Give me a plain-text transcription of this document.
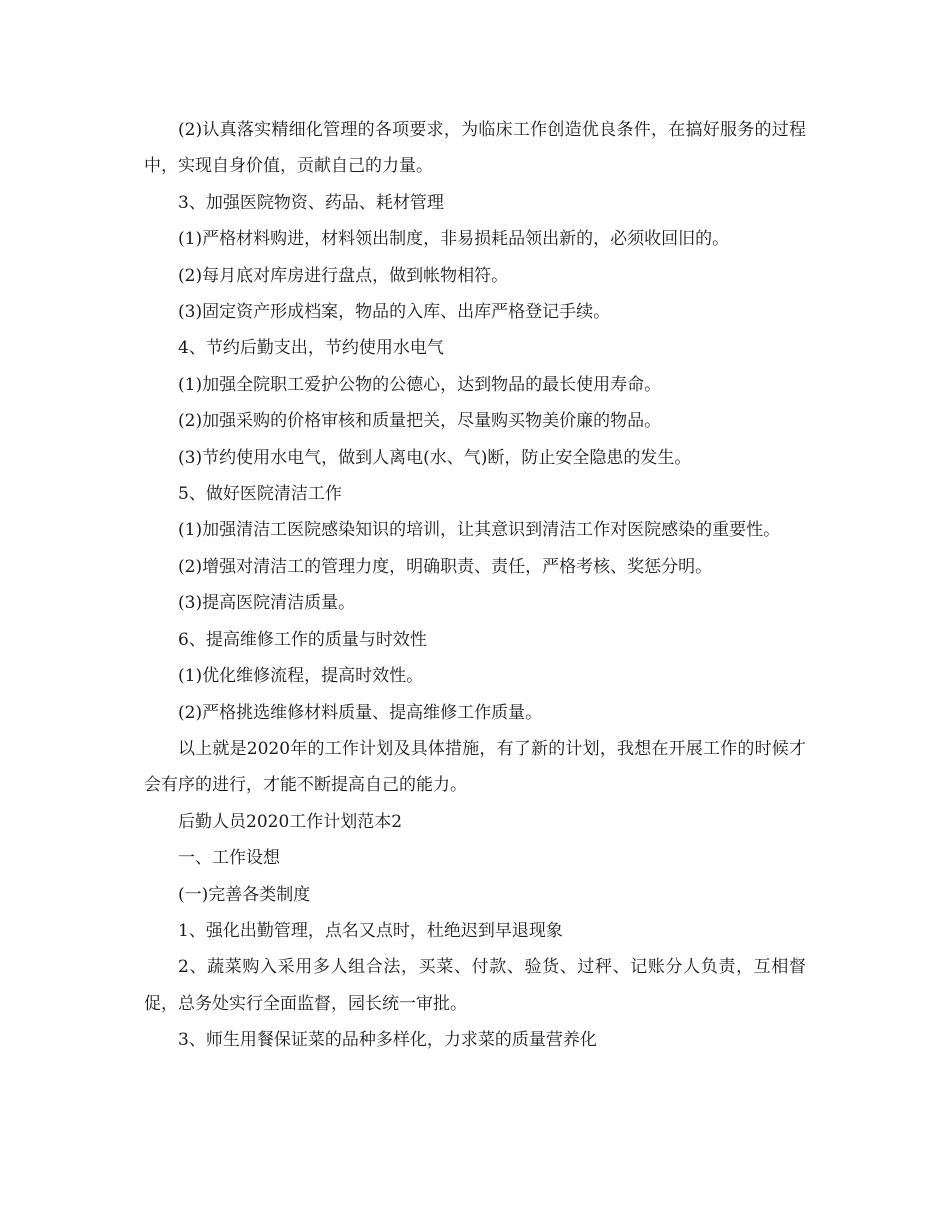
(2)认真落实精细化管理的各项要求，为临床工作创造优良条件，在搞好服务的过程中，实现自身价值，贡献自己的力量。

3、加强医院物资、药品、耗材管理

(1)严格材料购进，材料领出制度，非易损耗品领出新的，必须收回旧的。

(2)每月底对库房进行盘点，做到帐物相符。

(3)固定资产形成档案，物品的入库、出库严格登记手续。

4、节约后勤支出，节约使用水电气

(1)加强全院职工爱护公物的公德心，达到物品的最长使用寿命。

(2)加强采购的价格审核和质量把关，尽量购买物美价廉的物品。

(3)节约使用水电气，做到人离电(水、气)断，防止安全隐患的发生。

5、做好医院清洁工作

(1)加强清洁工医院感染知识的培训，让其意识到清洁工作对医院感染的重要性。

(2)增强对清洁工的管理力度，明确职责、责任，严格考核、奖惩分明。

(3)提高医院清洁质量。

6、提高维修工作的质量与时效性

(1)优化维修流程，提高时效性。

(2)严格挑选维修材料质量、提高维修工作质量。

以上就是2020年的工作计划及具体措施，有了新的计划，我想在开展工作的时候才会有序的进行，才能不断提高自己的能力。

后勤人员2020工作计划范本2

一、工作设想

(一)完善各类制度

1、强化出勤管理，点名又点时，杜绝迟到早退现象

2、蔬菜购入采用多人组合法，买菜、付款、验货、过秤、记账分人负责，互相督促，总务处实行全面监督，园长统一审批。

3、师生用餐保证菜的品种多样化，力求菜的质量营养化
